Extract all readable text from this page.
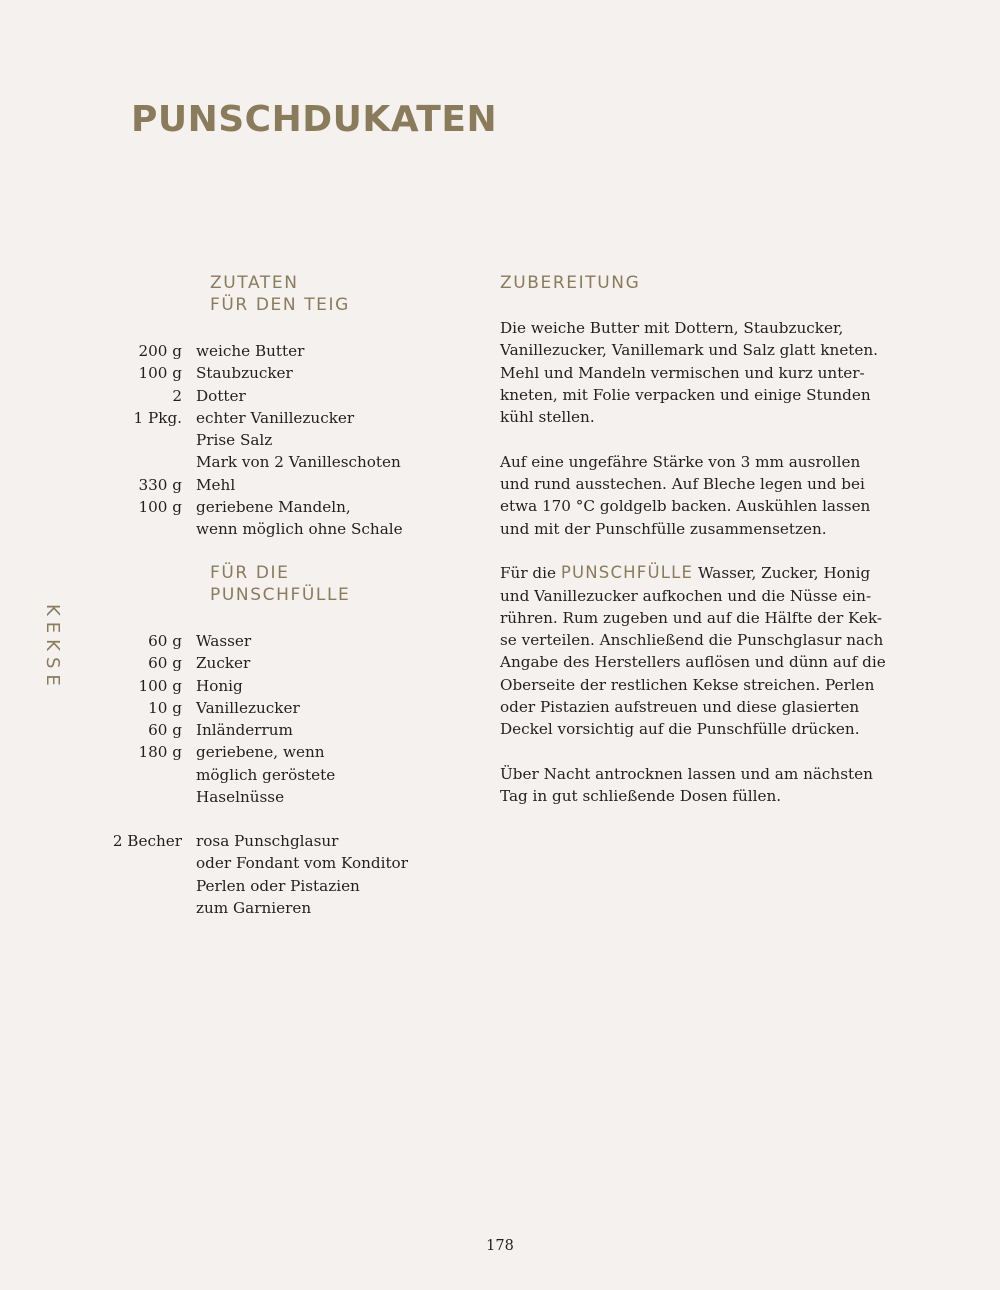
PUNSCHDUKATEN
KEKSE
ZUTATEN
FÜR DEN TEIG
200 g weiche Butter
100 g Staubzucker
2 Dotter
1 Pkg. echter Vanillezucker
Prise Salz
Mark von 2 Vanilleschoten
330 g Mehl
100 g geriebene Mandeln,
wenn möglich ohne Schale
FÜR DIE
PUNSCHFÜLLE
60 g Wasser
60 g Zucker
100 g Honig
10 g Vanillezucker
60 g Inländerrum
180 g geriebene, wenn
möglich geröstete
Haselnüsse
2 Becher rosa Punschglasur
oder Fondant vom Konditor
Perlen oder Pistazien
zum Garnieren
ZUBEREITUNG
Die weiche Butter mit Dottern, Staubzucker,
Vanillezucker, Vanillemark und Salz glatt kneten.
Mehl und Mandeln vermischen und kurz unter-
kneten, mit Folie verpacken und einige Stunden
kühl stellen.
Auf eine ungefähre Stärke von 3 mm ausrollen
und rund ausstechen. Auf Bleche legen und bei
etwa 170 °C goldgelb backen. Auskühlen lassen
und mit der Punschfülle zusammensetzen.
Für die PUNSCHFÜLLE Wasser, Zucker, Honig
und Vanillezucker aufkochen und die Nüsse ein-
rühren. Rum zugeben und auf die Hälfte der Kek-
se verteilen. Anschließend die Punschglasur nach
Angabe des Herstellers auflösen und dünn auf die
Oberseite der restlichen Kekse streichen. Perlen
oder Pistazien aufstreuen und diese glasierten
Deckel vorsichtig auf die Punschfülle drücken.
Über Nacht antrocknen lassen und am nächsten
Tag in gut schließende Dosen füllen.
178
